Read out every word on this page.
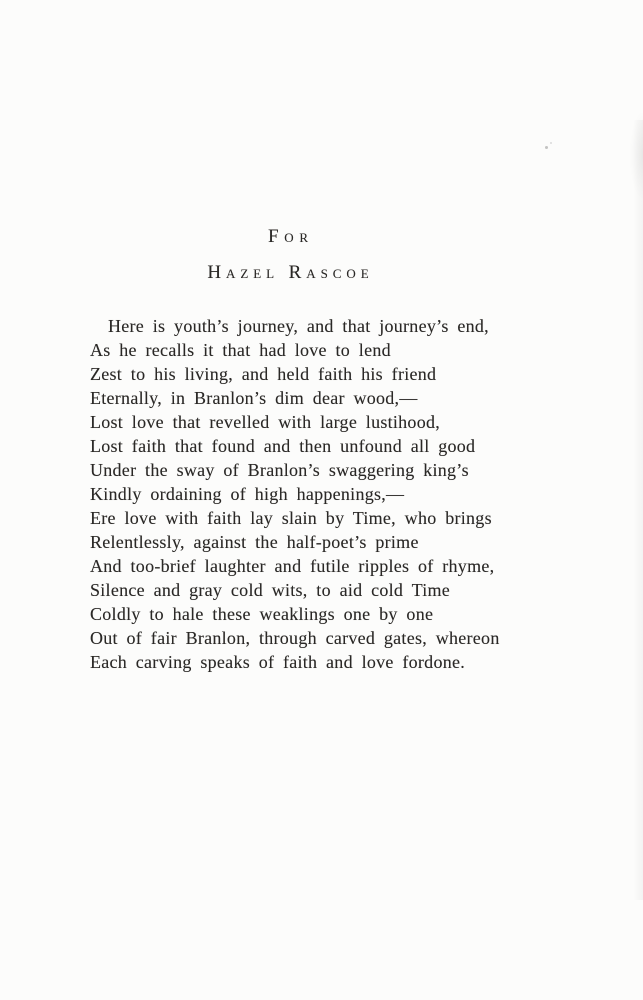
For
Hazel Rascoe
Here is youth’s journey, and that journey’s end,
As he recalls it that had love to lend
Zest to his living, and held faith his friend
Eternally, in Branlon’s dim dear wood,—
Lost love that revelled with large lustihood,
Lost faith that found and then unfound all good
Under the sway of Branlon’s swaggering king’s
Kindly ordaining of high happenings,—
Ere love with faith lay slain by Time, who brings
Relentlessly, against the half-poet’s prime
And too-brief laughter and futile ripples of rhyme,
Silence and gray cold wits, to aid cold Time
Coldly to hale these weaklings one by one
Out of fair Branlon, through carved gates, whereon
Each carving speaks of faith and love fordone.
